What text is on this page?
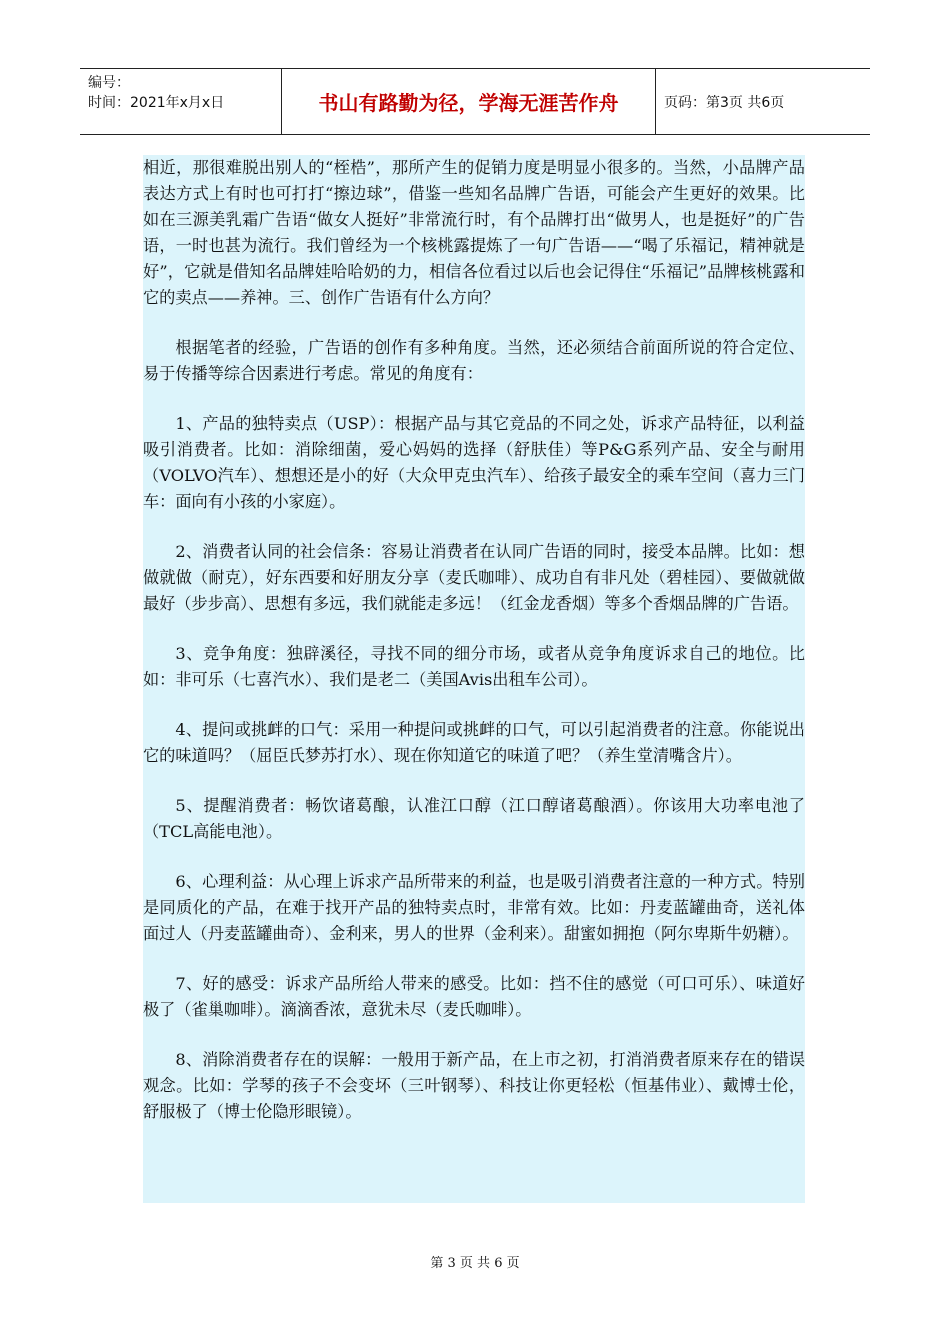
编号：
时间：2021年x月x日	书山有路勤为径，学海无涯苦作舟	页码：第3页 共6页

相近，那很难脱出别人的“桎梏”，那所产生的促销力度是明显小很多的。当然，小品牌产品表达方式上有时也可打打“擦边球”，借鉴一些知名品牌广告语，可能会产生更好的效果。比如在三源美乳霜广告语“做女人挺好”非常流行时，有个品牌打出“做男人，也是挺好”的广告语，一时也甚为流行。我们曾经为一个核桃露提炼了一句广告语——“喝了乐福记，精神就是好”，它就是借知名品牌娃哈哈奶的力，相信各位看过以后也会记得住“乐福记”品牌核桃露和它的卖点——养神。三、创作广告语有什么方向？

根据笔者的经验，广告语的创作有多种角度。当然，还必须结合前面所说的符合定位、易于传播等综合因素进行考虑。常见的角度有：

1、产品的独特卖点（USP）：根据产品与其它竞品的不同之处，诉求产品特征，以利益吸引消费者。比如：消除细菌，爱心妈妈的选择（舒肤佳）等P&G系列产品、安全与耐用（VOLVO汽车）、想想还是小的好（大众甲克虫汽车）、给孩子最安全的乘车空间（喜力三门车：面向有小孩的小家庭）。

2、消费者认同的社会信条：容易让消费者在认同广告语的同时，接受本品牌。比如：想做就做（耐克），好东西要和好朋友分享（麦氏咖啡）、成功自有非凡处（碧桂园）、要做就做最好（步步高）、思想有多远，我们就能走多远！（红金龙香烟）等多个香烟品牌的广告语。

3、竞争角度：独辟溪径，寻找不同的细分市场，或者从竞争角度诉求自己的地位。比如：非可乐（七喜汽水）、我们是老二（美国Avis出租车公司）。

4、提问或挑衅的口气：采用一种提问或挑衅的口气，可以引起消费者的注意。你能说出它的味道吗？（屈臣氏梦苏打水）、现在你知道它的味道了吧？（养生堂清嘴含片）。

5、提醒消费者：畅饮诸葛酿，认准江口醇（江口醇诸葛酿酒）。你该用大功率电池了（TCL高能电池）。

6、心理利益：从心理上诉求产品所带来的利益，也是吸引消费者注意的一种方式。特别是同质化的产品，在难于找开产品的独特卖点时，非常有效。比如：丹麦蓝罐曲奇，送礼体面过人（丹麦蓝罐曲奇）、金利来，男人的世界（金利来）。甜蜜如拥抱（阿尔卑斯牛奶糖）。

7、好的感受：诉求产品所给人带来的感受。比如：挡不住的感觉（可口可乐）、味道好极了（雀巢咖啡）。滴滴香浓，意犹未尽（麦氏咖啡）。

8、消除消费者存在的误解：一般用于新产品，在上市之初，打消消费者原来存在的错误观念。比如：学琴的孩子不会变坏（三叶钢琴）、科技让你更轻松（恒基伟业）、戴博士伦，舒服极了（博士伦隐形眼镜）。

第 3 页 共 6 页
